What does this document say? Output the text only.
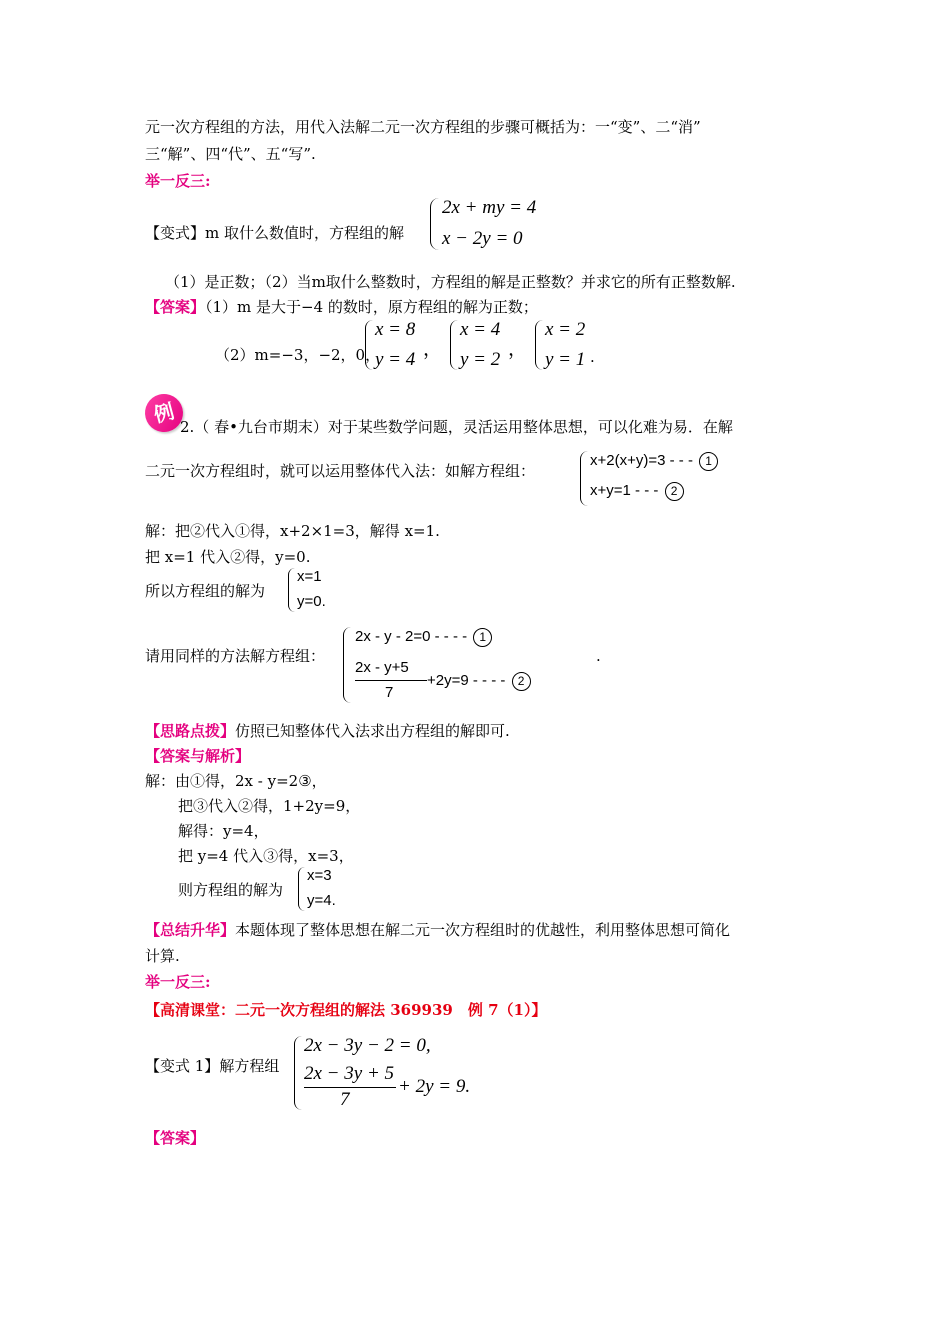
元一次方程组的方法，用代入法解二元一次方程组的步骤可概括为：一“变”、二“消”
三“解”、四“代”、五“写”.
举一反三:
【变式】m 取什么数值时，方程组的解
2x + my = 4
x − 2y = 0
（1）是正数；（2）当m取什么整数时，方程组的解是正整数？并求它的所有正整数解.
【答案】（1）m 是大于−4 的数时，原方程组的解为正数；
（2）m=−3，−2，0，
x = 8
y = 4 ，
x = 4
y = 2 ，
x = 2
y = 1 .
例 2.（ 春•九台市期末）对于某些数学问题，灵活运用整体思想，可以化难为易．在解
二元一次方程组时，就可以运用整体代入法：如解方程组：
x+2(x+y)=3 - - - 1
x+y=1 - - - 2
解：把②代入①得，x+2×1=3，解得 x=1.
把 x=1 代入②得，y=0.
所以方程组的解为
x=1
y=0.
请用同样的方法解方程组：
2x - y - 2=0 - - - - 1
2x - y+5
7
+2y=9 - - - - 2
.
【思路点拨】仿照已知整体代入法求出方程组的解即可.
【答案与解析】
解：由①得，2x - y=2③，
把③代入②得，1+2y=9，
解得：y=4，
把 y=4 代入③得，x=3，
则方程组的解为
x=3
y=4.
【总结升华】本题体现了整体思想在解二元一次方程组时的优越性，利用整体思想可简化
计算.
举一反三:
【高清课堂：二元一次方程组的解法 369939　例 7（1）】
【变式 1】解方程组
2x − 3y − 2 = 0,
2x − 3y + 5
7
+ 2y = 9.
【答案】
